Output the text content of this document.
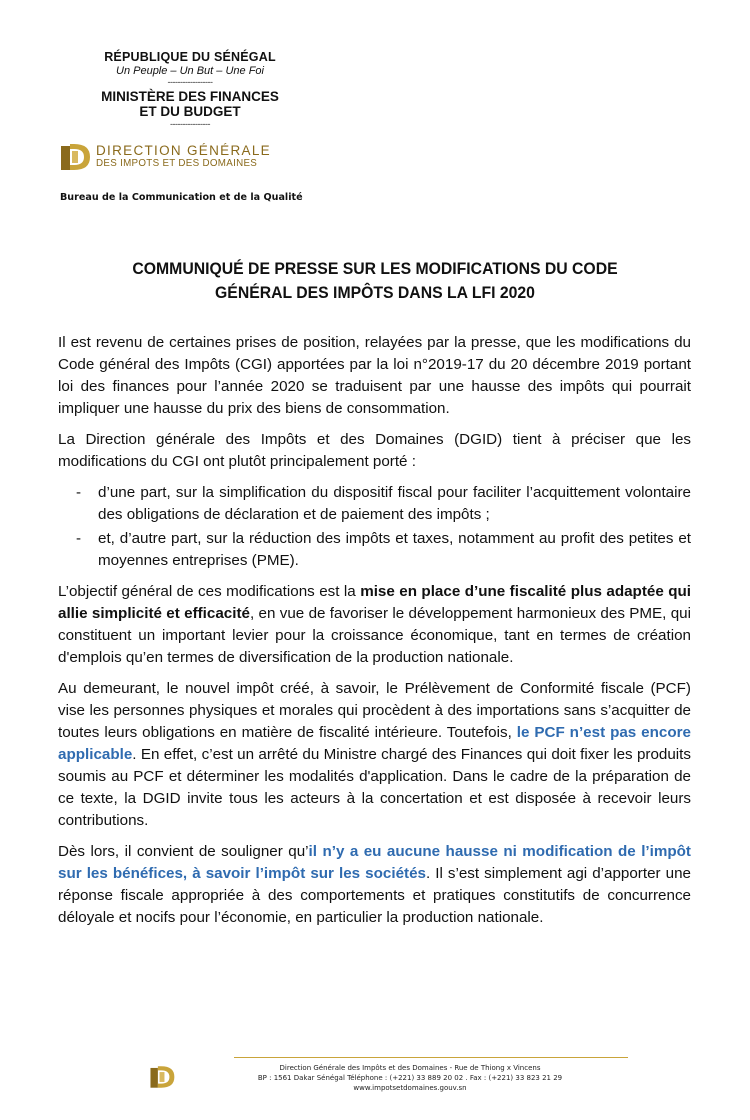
RÉPUBLIQUE DU SÉNÉGAL
Un Peuple – Un But – Une Foi
------------------
MINISTÈRE DES FINANCES
ET DU BUDGET
----------------
DIRECTION GÉNÉRALE
DES IMPOTS ET DES DOMAINES
Bureau de la Communication et de la Qualité
COMMUNIQUÉ DE PRESSE SUR LES MODIFICATIONS DU CODE
GÉNÉRAL DES IMPÔTS DANS LA LFI 2020

Il est revenu de certaines prises de position, relayées par la presse, que les modifications du Code général des Impôts (CGI) apportées par la loi n°2019-17 du 20 décembre 2019 portant loi des finances pour l’année 2020 se traduisent par une hausse des impôts qui pourrait impliquer une hausse du prix des biens de consommation.

La Direction générale des Impôts et des Domaines (DGID) tient à préciser que les modifications du CGI ont plutôt principalement porté :

- d’une part, sur la simplification du dispositif fiscal pour faciliter l’acquittement volontaire des obligations de déclaration et de paiement des impôts ;
- et, d’autre part, sur la réduction des impôts et taxes, notamment au profit des petites et moyennes entreprises (PME).

L’objectif général de ces modifications est la mise en place d’une fiscalité plus adaptée qui allie simplicité et efficacité, en vue de favoriser le développement harmonieux des PME, qui constituent un important levier pour la croissance économique, tant en termes de création d'emplois qu’en termes de diversification de la production nationale.

Au demeurant, le nouvel impôt créé, à savoir, le Prélèvement de Conformité fiscale (PCF) vise les personnes physiques et morales qui procèdent à des importations sans s’acquitter de toutes leurs obligations en matière de fiscalité intérieure. Toutefois, le PCF n’est pas encore applicable. En effet, c’est un arrêté du Ministre chargé des Finances qui doit fixer les produits soumis au PCF et déterminer les modalités d'application. Dans le cadre de la préparation de ce texte, la DGID invite tous les acteurs à la concertation et est disposée à recevoir leurs contributions.

Dès lors, il convient de souligner qu’il n’y a eu aucune hausse ni modification de l’impôt sur les bénéfices, à savoir l’impôt sur les sociétés. Il s’est simplement agi d’apporter une réponse fiscale appropriée à des comportements et pratiques constitutifs de concurrence déloyale et nocifs pour l’économie, en particulier la production nationale.

Direction Générale des Impôts et des Domaines - Rue de Thiong x Vincens
BP : 1561 Dakar Sénégal Téléphone : (+221) 33 889 20 02 . Fax : (+221) 33 823 21 29
www.impotsetdomaines.gouv.sn
